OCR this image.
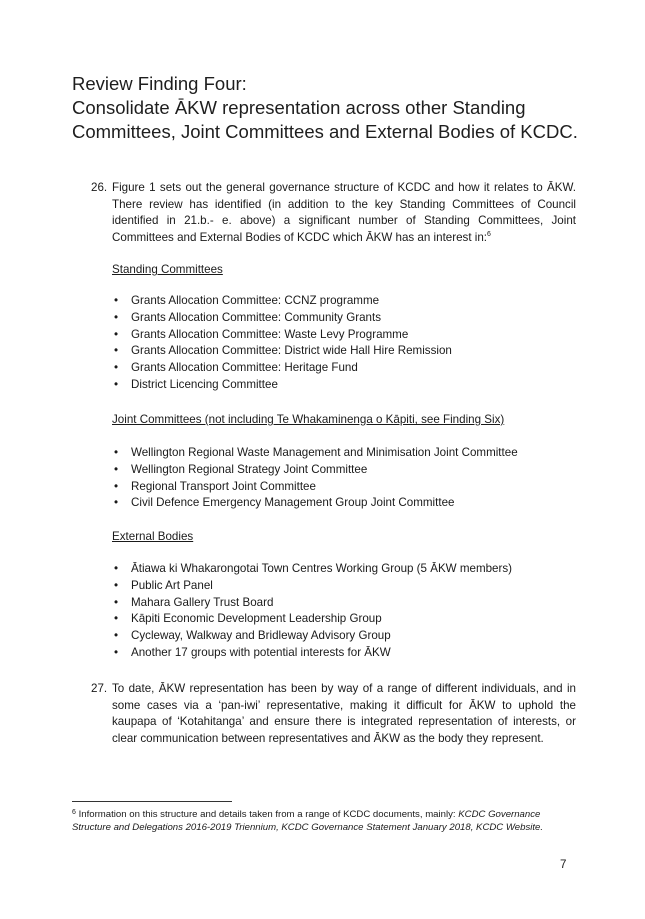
Review Finding Four:
Consolidate ĀKW representation across other Standing
Committees, Joint Committees and External Bodies of KCDC.
26. Figure 1 sets out the general governance structure of KCDC and how it relates to ĀKW. There review has identified (in addition to the key Standing Committees of Council identified in 21.b.- e. above) a significant number of Standing Committees, Joint Committees and External Bodies of KCDC which ĀKW has an interest in:$^6$
Standing Committees
• Grants Allocation Committee: CCNZ programme
• Grants Allocation Committee: Community Grants
• Grants Allocation Committee: Waste Levy Programme
• Grants Allocation Committee: District wide Hall Hire Remission
• Grants Allocation Committee: Heritage Fund
• District Licencing Committee
Joint Committees (not including Te Whakaminenga o Kāpiti, see Finding Six)
• Wellington Regional Waste Management and Minimisation Joint Committee
• Wellington Regional Strategy Joint Committee
• Regional Transport Joint Committee
• Civil Defence Emergency Management Group Joint Committee
External Bodies
• Ātiawa ki Whakarongotai Town Centres Working Group (5 ĀKW members)
• Public Art Panel
• Mahara Gallery Trust Board
• Kāpiti Economic Development Leadership Group
• Cycleway, Walkway and Bridleway Advisory Group
• Another 17 groups with potential interests for ĀKW
27. To date, ĀKW representation has been by way of a range of different individuals, and in some cases via a ‘pan-iwi’ representative, making it difficult for ĀKW to uphold the kaupapa of ‘Kotahitanga’ and ensure there is integrated representation of interests, or clear communication between representatives and ĀKW as the body they represent.
$^6$ Information on this structure and details taken from a range of KCDC documents, mainly: KCDC Governance Structure and Delegations 2016-2019 Triennium, KCDC Governance Statement January 2018, KCDC Website.
7
